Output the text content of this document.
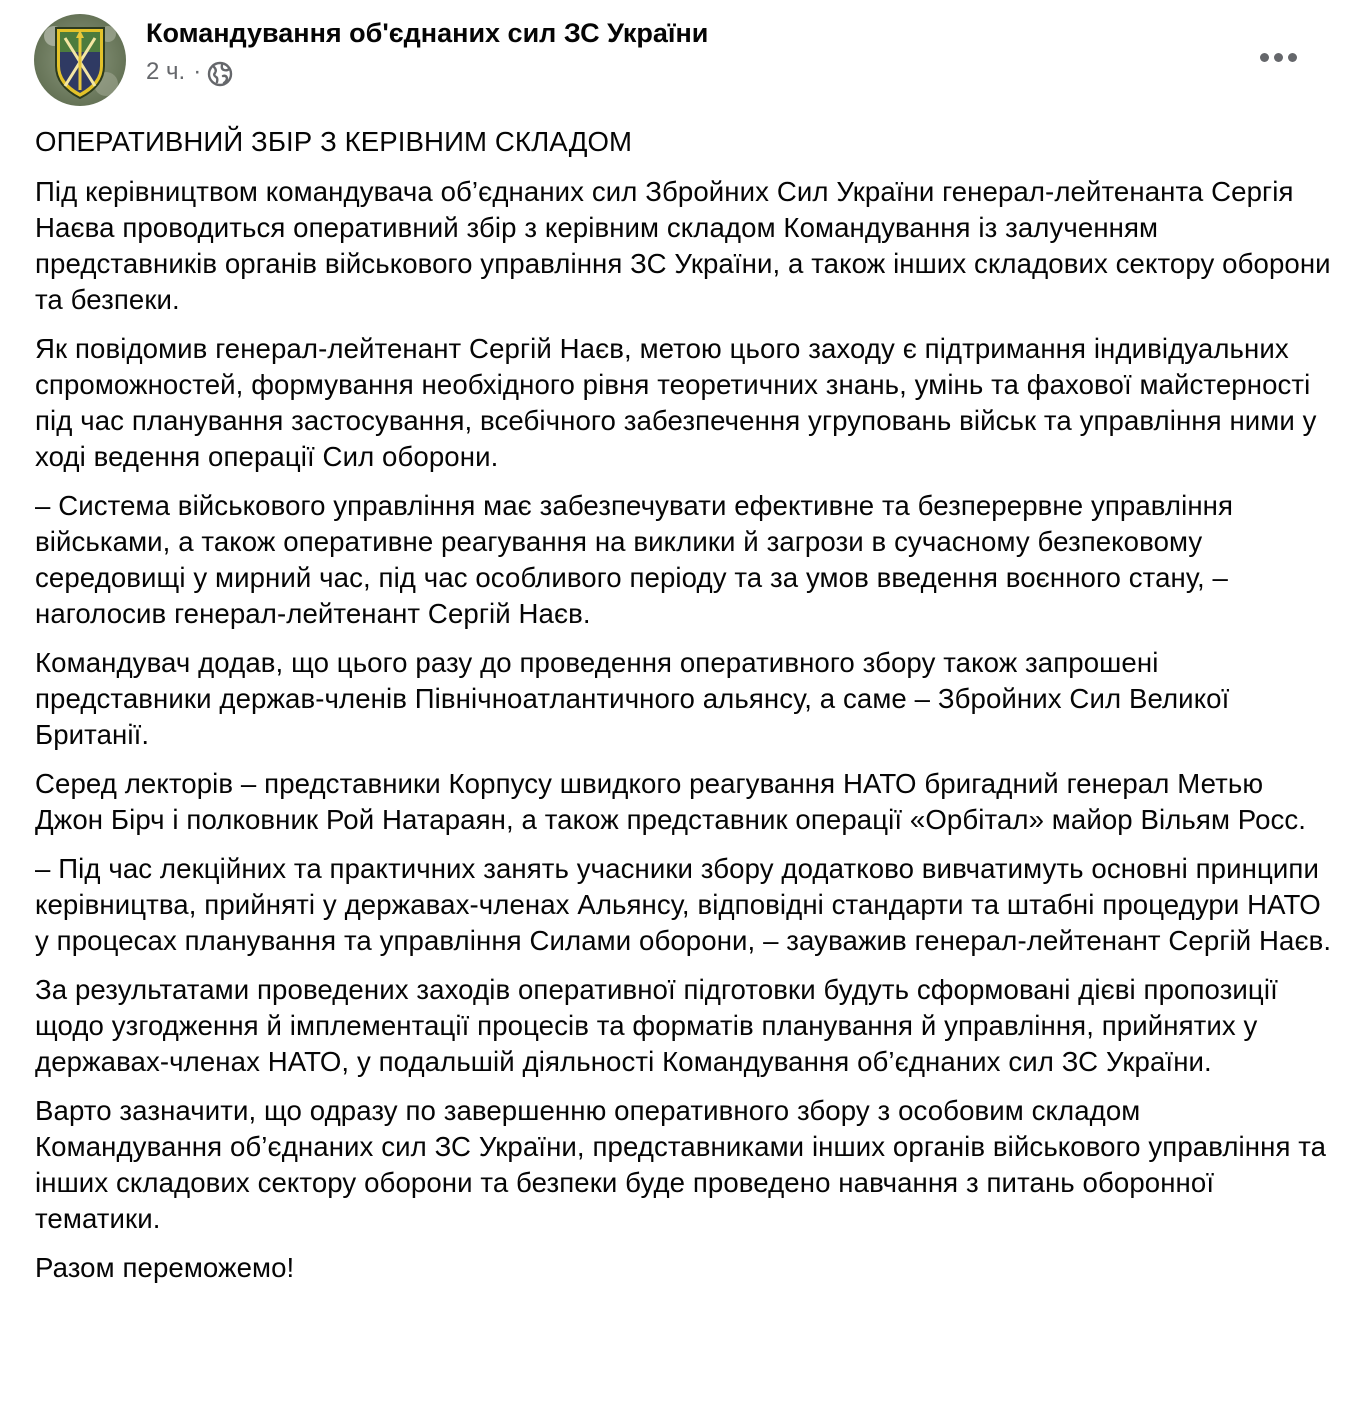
Командування об'єднаних сил ЗС України
2 ч. ·

ОПЕРАТИВНИЙ ЗБІР З КЕРІВНИМ СКЛАДОМ

Під керівництвом командувача об’єднаних сил Збройних Сил України генерал-лейтенанта Сергія Наєва проводиться оперативний збір з керівним складом Командування із залученням представників органів військового управління ЗС України, а також інших складових сектору оборони та безпеки.

Як повідомив генерал-лейтенант Сергій Наєв, метою цього заходу є підтримання індивідуальних спроможностей, формування необхідного рівня теоретичних знань, умінь та фахової майстерності під час планування застосування, всебічного забезпечення угруповань військ та управління ними у ході ведення операції Сил оборони.

– Система військового управління має забезпечувати ефективне та безперервне управління військами, а також оперативне реагування на виклики й загрози в сучасному безпековому середовищі у мирний час, під час особливого періоду та за умов введення воєнного стану, – наголосив генерал-лейтенант Сергій Наєв.

Командувач додав, що цього разу до проведення оперативного збору також запрошені представники держав-членів Північноатлантичного альянсу, а саме – Збройних Сил Великої Британії.

Серед лекторів – представники Корпусу швидкого реагування НАТО бригадний генерал Метью Джон Бірч і полковник Рой Натараян, а також представник операції «Орбітал» майор Вільям Росс.

– Під час лекційних та практичних занять учасники збору додатково вивчатимуть основні принципи керівництва, прийняті у державах-членах Альянсу, відповідні стандарти та штабні процедури НАТО у процесах планування та управління Силами оборони, – зауважив генерал-лейтенант Сергій Наєв.

За результатами проведених заходів оперативної підготовки будуть сформовані дієві пропозиції щодо узгодження й імплементації процесів та форматів планування й управління, прийнятих у державах-членах НАТО, у подальшій діяльності Командування об’єднаних сил ЗС України.

Варто зазначити, що одразу по завершенню оперативного збору з особовим складом Командування об’єднаних сил ЗС України, представниками інших органів військового управління та інших складових сектору оборони та безпеки буде проведено навчання з питань оборонної тематики.

Разом переможемо!
